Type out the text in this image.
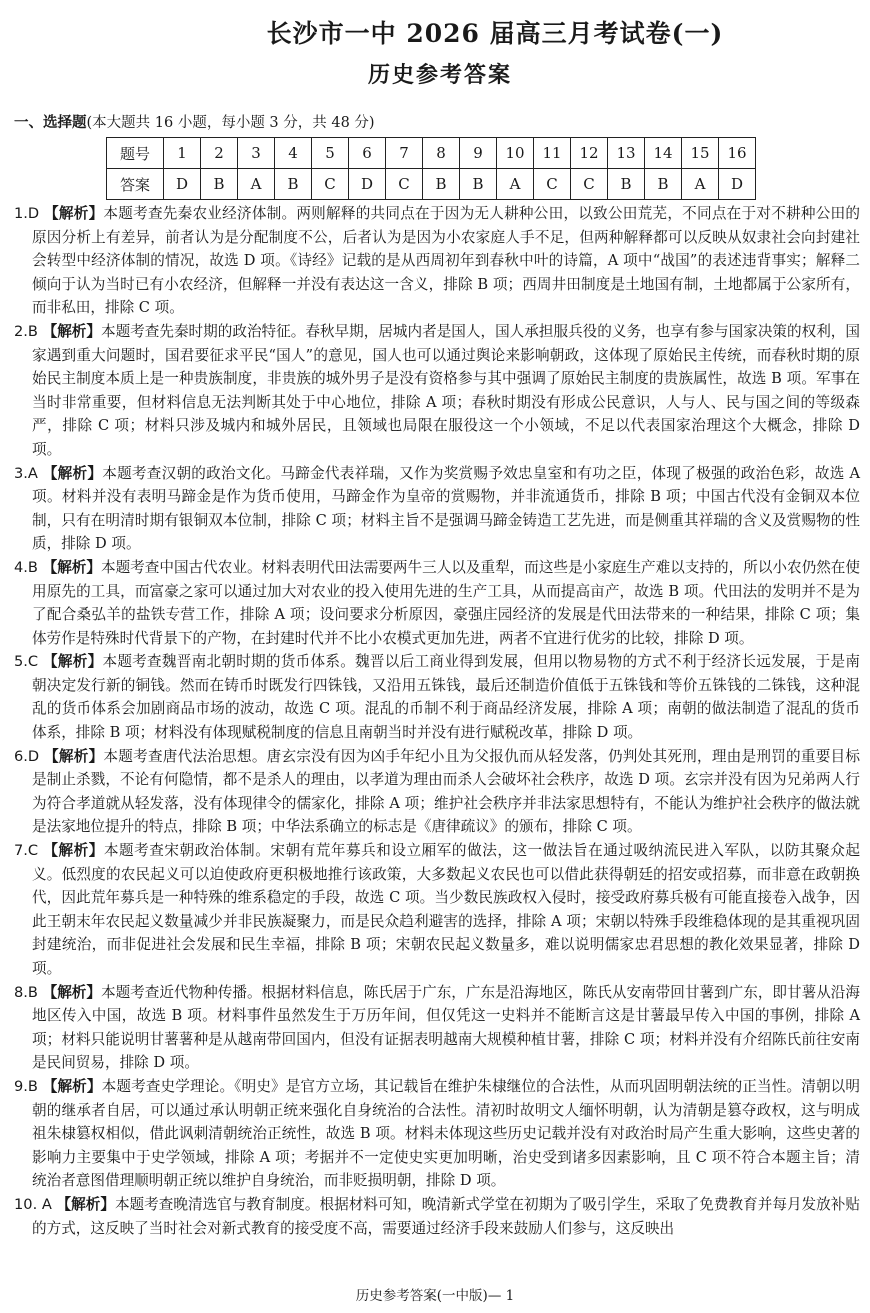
长沙市一中 2026 届高三月考试卷(一)
历史参考答案
一、选择题(本大题共 16 小题，每小题 3 分，共 48 分)
题号	1	2	3	4	5	6	7	8	9	10	11	12	13	14	15	16
答案	D	B	A	B	C	D	C	B	B	A	C	C	B	B	A	D

1.D 【解析】本题考查先秦农业经济体制。两则解释的共同点在于因为无人耕种公田，以致公田荒芜，不同点在于对不耕种公田的原因分析上有差异，前者认为是分配制度不公，后者认为是因为小农家庭人手不足，但两种解释都可以反映从奴隶社会向封建社会转型中经济体制的情况，故选 D 项。《诗经》记载的是从西周初年到春秋中叶的诗篇，A 项中“战国”的表述违背事实；解释二倾向于认为当时已有小农经济，但解释一并没有表达这一含义，排除 B 项；西周井田制度是土地国有制，土地都属于公家所有，而非私田，排除 C 项。

2.B 【解析】本题考查先秦时期的政治特征。春秋早期，居城内者是国人，国人承担服兵役的义务，也享有参与国家决策的权利，国家遇到重大问题时，国君要征求平民“国人”的意见，国人也可以通过舆论来影响朝政，这体现了原始民主传统，而春秋时期的原始民主制度本质上是一种贵族制度，非贵族的城外男子是没有资格参与其中强调了原始民主制度的贵族属性，故选 B 项。军事在当时非常重要，但材料信息无法判断其处于中心地位，排除 A 项；春秋时期没有形成公民意识，人与人、民与国之间的等级森严，排除 C 项；材料只涉及城内和城外居民，且领域也局限在服役这一个小领域，不足以代表国家治理这个大概念，排除 D 项。

3.A 【解析】本题考查汉朝的政治文化。马蹄金代表祥瑞，又作为奖赏赐予效忠皇室和有功之臣，体现了极强的政治色彩，故选 A 项。材料并没有表明马蹄金是作为货币使用，马蹄金作为皇帝的赏赐物，并非流通货币，排除 B 项；中国古代没有金铜双本位制，只有在明清时期有银铜双本位制，排除 C 项；材料主旨不是强调马蹄金铸造工艺先进，而是侧重其祥瑞的含义及赏赐物的性质，排除 D 项。

4.B 【解析】本题考查中国古代农业。材料表明代田法需要两牛三人以及重犁，而这些是小家庭生产难以支持的，所以小农仍然在使用原先的工具，而富豪之家可以通过加大对农业的投入使用先进的生产工具，从而提高亩产，故选 B 项。代田法的发明并不是为了配合桑弘羊的盐铁专营工作，排除 A 项；设问要求分析原因，豪强庄园经济的发展是代田法带来的一种结果，排除 C 项；集体劳作是特殊时代背景下的产物，在封建时代并不比小农模式更加先进，两者不宜进行优劣的比较，排除 D 项。

5.C 【解析】本题考查魏晋南北朝时期的货币体系。魏晋以后工商业得到发展，但用以物易物的方式不利于经济长远发展，于是南朝决定发行新的铜钱。然而在铸币时既发行四铢钱，又沿用五铢钱，最后还制造价值低于五铢钱和等价五铢钱的二铢钱，这种混乱的货币体系会加剧商品市场的波动，故选 C 项。混乱的币制不利于商品经济发展，排除 A 项；南朝的做法制造了混乱的货币体系，排除 B 项；材料没有体现赋税制度的信息且南朝当时并没有进行赋税改革，排除 D 项。

6.D 【解析】本题考查唐代法治思想。唐玄宗没有因为凶手年纪小且为父报仇而从轻发落，仍判处其死刑，理由是刑罚的重要目标是制止杀戮，不论有何隐情，都不是杀人的理由，以孝道为理由而杀人会破坏社会秩序，故选 D 项。玄宗并没有因为兄弟两人行为符合孝道就从轻发落，没有体现律令的儒家化，排除 A 项；维护社会秩序并非法家思想特有，不能认为维护社会秩序的做法就是法家地位提升的特点，排除 B 项；中华法系确立的标志是《唐律疏议》的颁布，排除 C 项。

7.C 【解析】本题考查宋朝政治体制。宋朝有荒年募兵和设立厢军的做法，这一做法旨在通过吸纳流民进入军队，以防其聚众起义。低烈度的农民起义可以迫使政府更积极地推行该政策，大多数起义农民也可以借此获得朝廷的招安或招募，而非意在政朝换代，因此荒年募兵是一种特殊的维系稳定的手段，故选 C 项。当少数民族政权入侵时，接受政府募兵极有可能直接卷入战争，因此王朝末年农民起义数量减少并非民族凝聚力，而是民众趋利避害的选择，排除 A 项；宋朝以特殊手段维稳体现的是其重视巩固封建统治，而非促进社会发展和民生幸福，排除 B 项；宋朝农民起义数量多，难以说明儒家忠君思想的教化效果显著，排除 D 项。

8.B 【解析】本题考查近代物种传播。根据材料信息，陈氏居于广东，广东是沿海地区，陈氏从安南带回甘薯到广东，即甘薯从沿海地区传入中国，故选 B 项。材料事件虽然发生于万历年间，但仅凭这一史料并不能断言这是甘薯最早传入中国的事例，排除 A 项；材料只能说明甘薯薯种是从越南带回国内，但没有证据表明越南大规模种植甘薯，排除 C 项；材料并没有介绍陈氏前往安南是民间贸易，排除 D 项。

9.B 【解析】本题考查史学理论。《明史》是官方立场，其记载旨在维护朱棣继位的合法性，从而巩固明朝法统的正当性。清朝以明朝的继承者自居，可以通过承认明朝正统来强化自身统治的合法性。清初时故明文人缅怀明朝，认为清朝是篡夺政权，这与明成祖朱棣篡权相似，借此讽刺清朝统治正统性，故选 B 项。材料未体现这些历史记载并没有对政治时局产生重大影响，这些史著的影响力主要集中于史学领域，排除 A 项；考据并不一定使史实更加明晰，治史受到诸多因素影响，且 C 项不符合本题主旨；清统治者意图借理顺明朝正统以维护自身统治，而非贬损明朝，排除 D 项。

10. A 【解析】本题考查晚清选官与教育制度。根据材料可知，晚清新式学堂在初期为了吸引学生，采取了免费教育并每月发放补贴的方式，这反映了当时社会对新式教育的接受度不高，需要通过经济手段来鼓励人们参与，这反映出

历史参考答案(一中版)— 1
